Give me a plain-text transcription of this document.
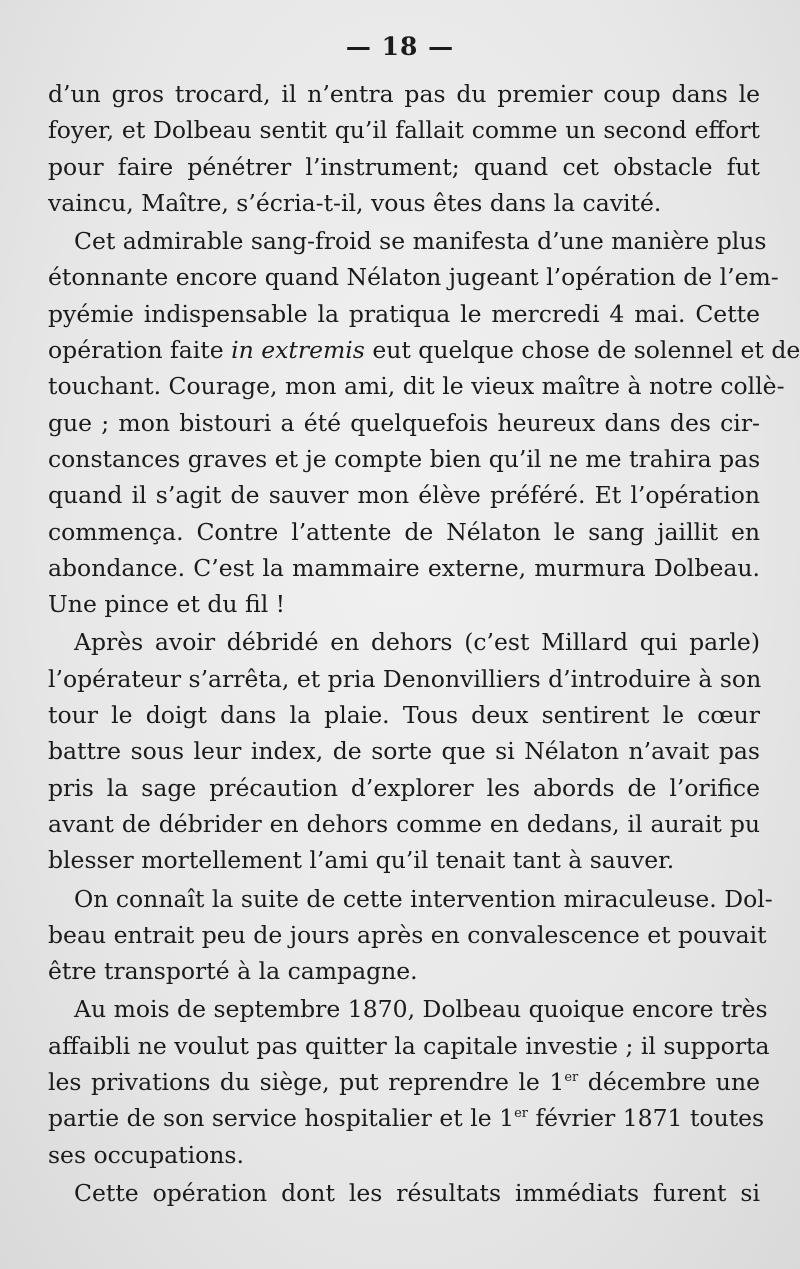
— 18 —
d’un gros trocard, il n’entra pas du premier coup dans le
foyer, et Dolbeau sentit qu’il fallait comme un second effort
pour faire pénétrer l’instrument; quand cet obstacle fut
vaincu, Maître, s’écria-t-il, vous êtes dans la cavité.
Cet admirable sang-froid se manifesta d’une manière plus
étonnante encore quand Nélaton jugeant l’opération de l’em-
pyémie indispensable la pratiqua le mercredi 4 mai. Cette
opération faite in extremis eut quelque chose de solennel et de
touchant. Courage, mon ami, dit le vieux maître à notre collè-
gue ; mon bistouri a été quelquefois heureux dans des cir-
constances graves et je compte bien qu’il ne me trahira pas
quand il s’agit de sauver mon élève préféré. Et l’opération
commença. Contre l’attente de Nélaton le sang jaillit en
abondance. C’est la mammaire externe, murmura Dolbeau.
Une pince et du fil !
Après avoir débridé en dehors (c’est Millard qui parle)
l’opérateur s’arrêta, et pria Denonvilliers d’introduire à son
tour le doigt dans la plaie. Tous deux sentirent le cœur
battre sous leur index, de sorte que si Nélaton n’avait pas
pris la sage précaution d’explorer les abords de l’orifice
avant de débrider en dehors comme en dedans, il aurait pu
blesser mortellement l’ami qu’il tenait tant à sauver.
On connaît la suite de cette intervention miraculeuse. Dol-
beau entrait peu de jours après en convalescence et pouvait
être transporté à la campagne.
Au mois de septembre 1870, Dolbeau quoique encore très
affaibli ne voulut pas quitter la capitale investie ; il supporta
les privations du siège, put reprendre le 1er décembre une
partie de son service hospitalier et le 1er février 1871 toutes
ses occupations.
Cette opération dont les résultats immédiats furent si
